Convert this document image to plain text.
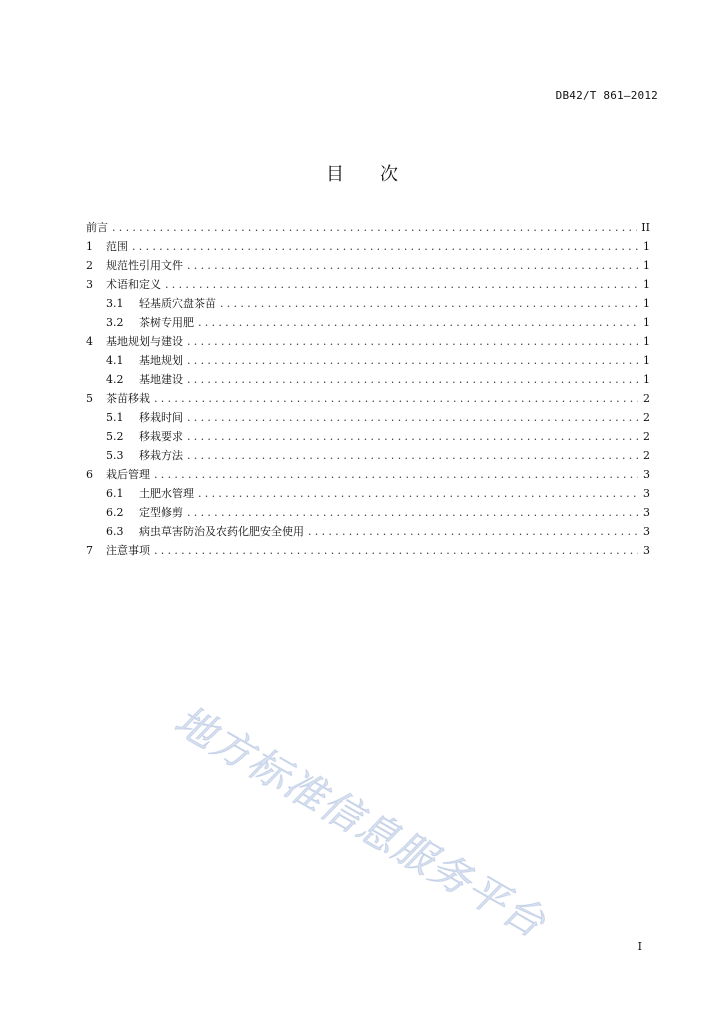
DB42/T 861—2012
目 次
前言 .....	II
1	范围 .....	1
2	规范性引用文件 .....	1
3	术语和定义 .....	1
3.1	轻基质穴盘茶苗 .....	1
3.2	茶树专用肥 .....	1
4	基地规划与建设 .....	1
4.1	基地规划 .....	1
4.2	基地建设 .....	1
5	茶苗移栽 .....	2
5.1	移栽时间 .....	2
5.2	移栽要求 .....	2
5.3	移栽方法 .....	2
6	栽后管理 .....	3
6.1	土肥水管理 .....	3
6.2	定型修剪 .....	3
6.3	病虫草害防治及农药化肥安全使用 .....	3
7	注意事项 .....	3
地方标准信息服务平台	I
